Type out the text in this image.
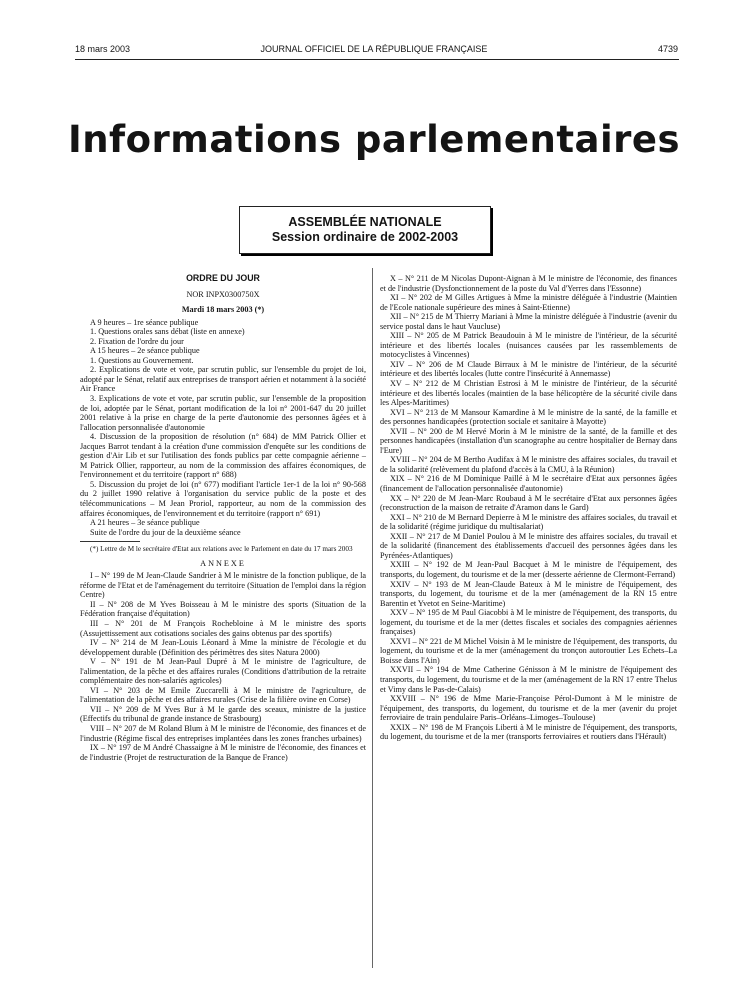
18 mars 2003	JOURNAL OFFICIEL DE LA RÉPUBLIQUE FRANÇAISE	4739
Informations parlementaires
ASSEMBLÉE NATIONALE
Session ordinaire de 2002-2003

ORDRE DU JOUR

NOR INPX0300750X

Mardi 18 mars 2003 (*)

A 9 heures – 1re séance publique

1. Questions orales sans débat (liste en annexe)

2. Fixation de l'ordre du jour

A 15 heures – 2e séance publique

1. Questions au Gouvernement.

2. Explications de vote et vote, par scrutin public, sur l'ensemble du projet de loi, adopté par le Sénat, relatif aux entreprises de transport aérien et notamment à la société Air France

3. Explications de vote et vote, par scrutin public, sur l'ensemble de la proposition de loi, adoptée par le Sénat, portant modification de la loi n° 2001-647 du 20 juillet 2001 relative à la prise en charge de la perte d'autonomie des personnes âgées et à l'allocation personnalisée d'autonomie

4. Discussion de la proposition de résolution (n° 684) de MM Patrick Ollier et Jacques Barrot tendant à la création d'une commission d'enquête sur les conditions de gestion d'Air Lib et sur l'utilisation des fonds publics par cette compagnie aérienne – M Patrick Ollier, rapporteur, au nom de la commission des affaires économiques, de l'environnement et du territoire (rapport n° 688)

5. Discussion du projet de loi (n° 677) modifiant l'article 1er-1 de la loi n° 90-568 du 2 juillet 1990 relative à l'organisation du service public de la poste et des télécommunications – M Jean Proriol, rapporteur, au nom de la commission des affaires économiques, de l'environnement et du territoire (rapport n° 691)

A 21 heures – 3e séance publique

Suite de l'ordre du jour de la deuxième séance

(*) Lettre de M le secrétaire d'Etat aux relations avec le Parlement en date du 17 mars 2003

ANNEXE

I – N° 199 de M Jean-Claude Sandrier à M le ministre de la fonction publique, de la réforme de l'Etat et de l'aménagement du territoire (Situation de l'emploi dans la région Centre)

II – N° 208 de M Yves Boisseau à M le ministre des sports (Situation de la Fédération française d'équitation)

III – N° 201 de M François Rochebloine à M le ministre des sports (Assujettissement aux cotisations sociales des gains obtenus par des sportifs)

IV – N° 214 de M Jean-Louis Léonard à Mme la ministre de l'écologie et du développement durable (Définition des périmètres des sites Natura 2000)

V – N° 191 de M Jean-Paul Dupré à M le ministre de l'agriculture, de l'alimentation, de la pêche et des affaires rurales (Conditions d'attribution de la retraite complémentaire des non-salariés agricoles)

VI – N° 203 de M Emile Zuccarelli à M le ministre de l'agriculture, de l'alimentation de la pêche et des affaires rurales (Crise de la filière ovine en Corse)

VII – N° 209 de M Yves Bur à M le garde des sceaux, ministre de la justice (Effectifs du tribunal de grande instance de Strasbourg)

VIII – N° 207 de M Roland Blum à M le ministre de l'économie, des finances et de l'industrie (Régime fiscal des entreprises implantées dans les zones franches urbaines)

IX – N° 197 de M André Chassaigne à M le ministre de l'économie, des finances et de l'industrie (Projet de restructuration de la Banque de France)

X – N° 211 de M Nicolas Dupont-Aignan à M le ministre de l'économie, des finances et de l'industrie (Dysfonctionnement de la poste du Val d'Yerres dans l'Essonne)

XI – N° 202 de M Gilles Artigues à Mme la ministre déléguée à l'industrie (Maintien de l'Ecole nationale supérieure des mines à Saint-Etienne)

XII – N° 215 de M Thierry Mariani à Mme la ministre déléguée à l'industrie (avenir du service postal dans le haut Vaucluse)

XIII – N° 205 de M Patrick Beaudouin à M le ministre de l'intérieur, de la sécurité intérieure et des libertés locales (nuisances causées par les rassemblements de motocyclistes à Vincennes)

XIV – N° 206 de M Claude Birraux à M le ministre de l'intérieur, de la sécurité intérieure et des libertés locales (lutte contre l'insécurité à Annemasse)

XV – N° 212 de M Christian Estrosi à M le ministre de l'intérieur, de la sécurité intérieure et des libertés locales (maintien de la base hélicoptère de la sécurité civile dans les Alpes-Maritimes)

XVI – N° 213 de M Mansour Kamardine à M le ministre de la santé, de la famille et des personnes handicapées (protection sociale et sanitaire à Mayotte)

XVII – N° 200 de M Hervé Morin à M le ministre de la santé, de la famille et des personnes handicapées (installation d'un scanographe au centre hospitalier de Bernay dans l'Eure)

XVIII – N° 204 de M Bertho Audifax à M le ministre des affaires sociales, du travail et de la solidarité (relèvement du plafond d'accès à la CMU, à la Réunion)

XIX – N° 216 de M Dominique Paillé à M le secrétaire d'Etat aux personnes âgées (financement de l'allocation personnalisée d'autonomie)

XX – N° 220 de M Jean-Marc Roubaud à M le secrétaire d'Etat aux personnes âgées (reconstruction de la maison de retraite d'Aramon dans le Gard)

XXI – N° 210 de M Bernard Depierre à M le ministre des affaires sociales, du travail et de la solidarité (régime juridique du multisalariat)

XXII – N° 217 de M Daniel Poulou à M le ministre des affaires sociales, du travail et de la solidarité (financement des établissements d'accueil des personnes âgées dans les Pyrénées-Atlantiques)

XXIII – N° 192 de M Jean-Paul Bacquet à M le ministre de l'équipement, des transports, du logement, du tourisme et de la mer (desserte aérienne de Clermont-Ferrand)

XXIV – N° 193 de M Jean-Claude Bateux à M le ministre de l'équipement, des transports, du logement, du tourisme et de la mer (aménagement de la RN 15 entre Barentin et Yvetot en Seine-Maritime)

XXV – N° 195 de M Paul Giacobbi à M le ministre de l'équipement, des transports, du logement, du tourisme et de la mer (dettes fiscales et sociales des compagnies aériennes françaises)

XXVI – N° 221 de M Michel Voisin à M le ministre de l'équipement, des transports, du logement, du tourisme et de la mer (aménagement du tronçon autoroutier Les Echets–La Boisse dans l'Ain)

XXVII – N° 194 de Mme Catherine Génisson à M le ministre de l'équipement des transports, du logement, du tourisme et de la mer (aménagement de la RN 17 entre Thelus et Vimy dans le Pas-de-Calais)

XXVIII – N° 196 de Mme Marie-Françoise Pérol-Dumont à M le ministre de l'équipement, des transports, du logement, du tourisme et de la mer (avenir du projet ferroviaire de train pendulaire Paris–Orléans–Limoges–Toulouse)

XXIX – N° 198 de M François Liberti à M le ministre de l'équipement, des transports, du logement, du tourisme et de la mer (transports ferroviaires et routiers dans l'Hérault)
